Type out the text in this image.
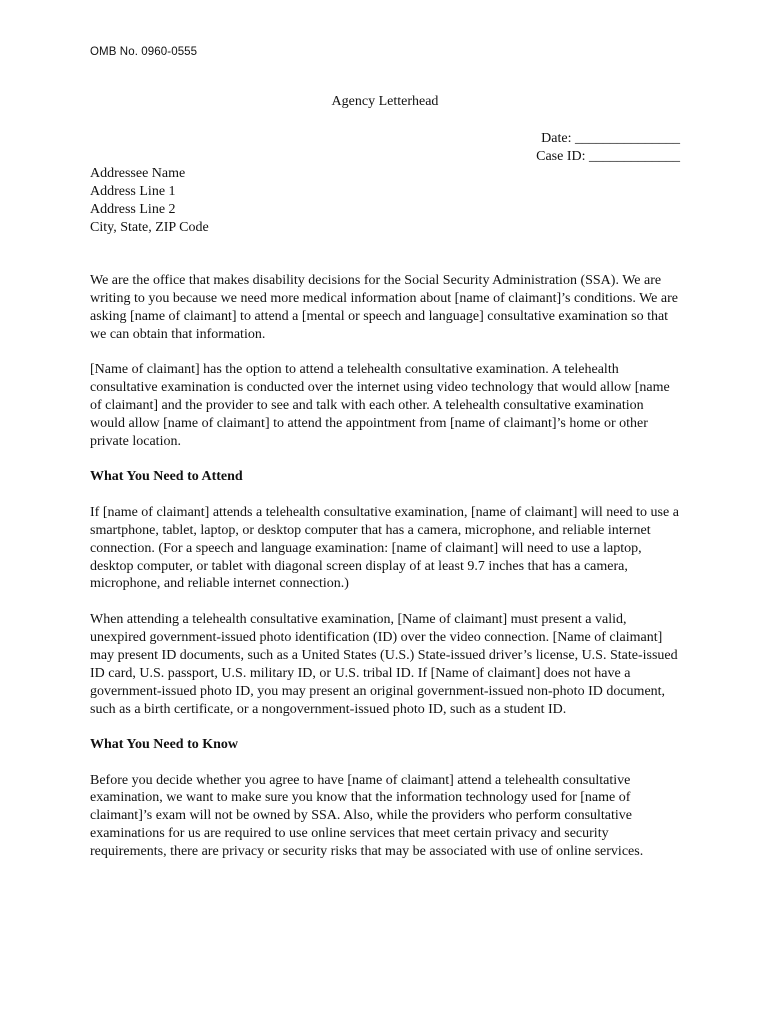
OMB No. 0960-0555
Agency Letterhead
Date: _______________
Case ID: _____________
Addressee Name
Address Line 1
Address Line 2
City, State, ZIP Code

We are the office that makes disability decisions for the Social Security Administration (SSA). We are writing to you because we need more medical information about [name of claimant]’s conditions. We are asking [name of claimant] to attend a [mental or speech and language] consultative examination so that we can obtain that information.

[Name of claimant] has the option to attend a telehealth consultative examination. A telehealth consultative examination is conducted over the internet using video technology that would allow [name of claimant] and the provider to see and talk with each other. A telehealth consultative examination would allow [name of claimant] to attend the appointment from [name of claimant]’s home or other private location.

What You Need to Attend

If [name of claimant] attends a telehealth consultative examination, [name of claimant] will need to use a smartphone, tablet, laptop, or desktop computer that has a camera, microphone, and reliable internet connection. (For a speech and language examination: [name of claimant] will need to use a laptop, desktop computer, or tablet with diagonal screen display of at least 9.7 inches that has a camera, microphone, and reliable internet connection.)

When attending a telehealth consultative examination, [Name of claimant] must present a valid, unexpired government-issued photo identification (ID) over the video connection. [Name of claimant] may present ID documents, such as a United States (U.S.) State-issued driver’s license, U.S. State-issued ID card, U.S. passport, U.S. military ID, or U.S. tribal ID. If [Name of claimant] does not have a government-issued photo ID, you may present an original government-issued non-photo ID document, such as a birth certificate, or a nongovernment-issued photo ID, such as a student ID.

What You Need to Know

Before you decide whether you agree to have [name of claimant] attend a telehealth consultative examination, we want to make sure you know that the information technology used for [name of claimant]’s exam will not be owned by SSA. Also, while the providers who perform consultative examinations for us are required to use online services that meet certain privacy and security requirements, there are privacy or security risks that may be associated with use of online services.
